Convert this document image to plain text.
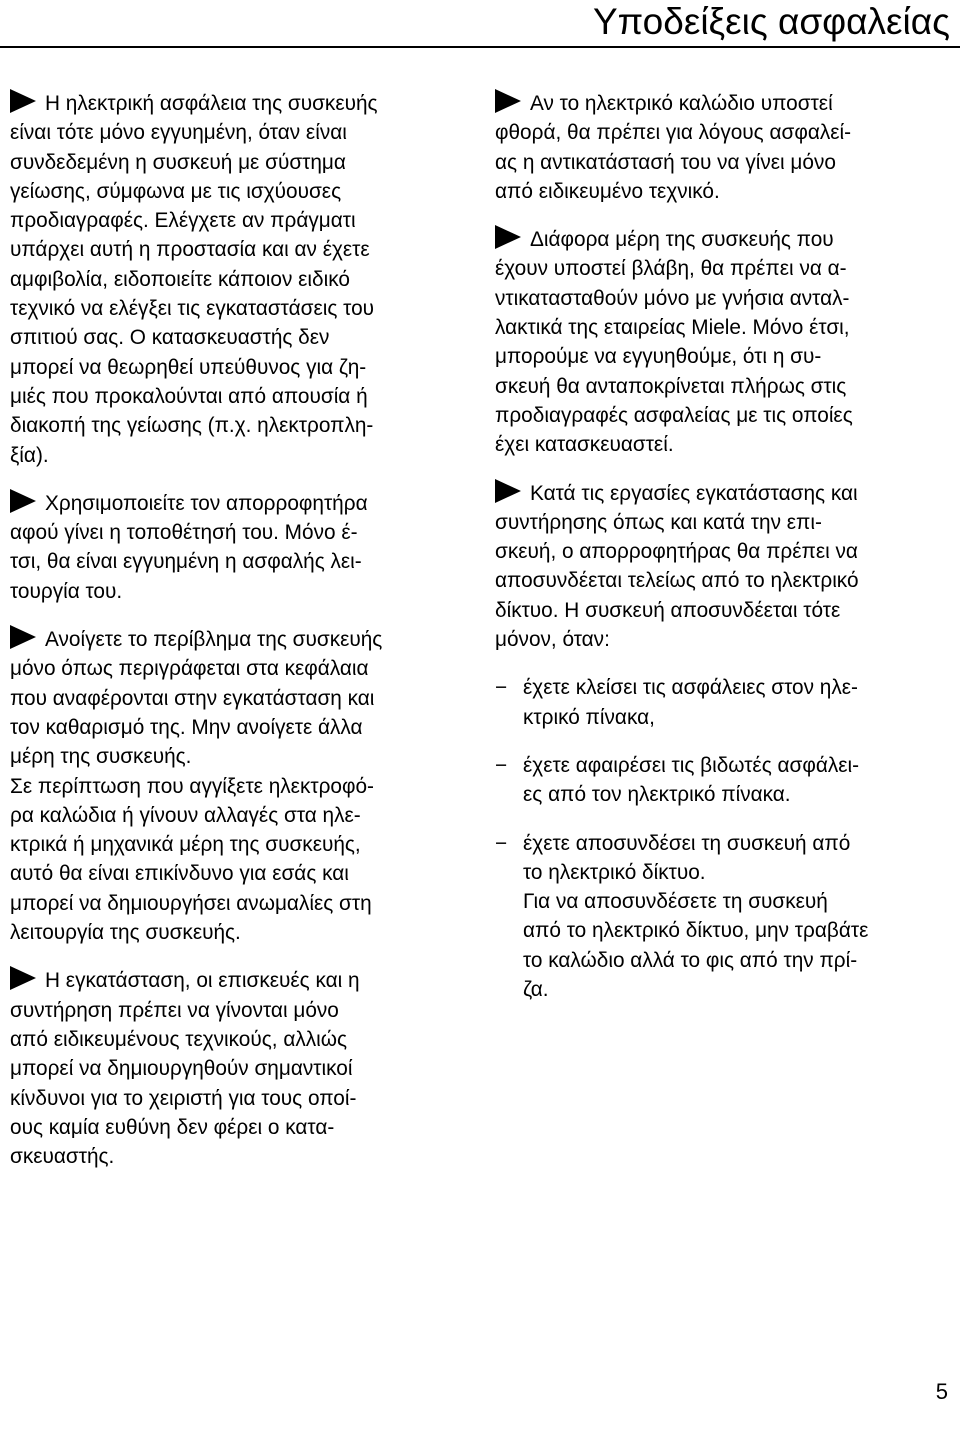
Υποδείξεις ασφαλείας

Η ηλεκτρική ασφάλεια της συσκευής
είναι τότε μόνο εγγυημένη, όταν είναι
συνδεδεμένη η συσκευή με σύστημα
γείωσης, σύμφωνα με τις ισχύουσες
προδιαγραφές. Ελέγχετε αν πράγματι
υπάρχει αυτή η προστασία και αν έχετε
αμφιβολία, ειδοποιείτε κάποιον ειδικό
τεχνικό να ελέγξει τις εγκαταστάσεις του
σπιτιού σας. Ο κατασκευαστής δεν
μπορεί να θεωρηθεί υπεύθυνος για ζη-
μιές που προκαλούνται από απουσία ή
διακοπή της γείωσης (π.χ. ηλεκτροπλη-
ξία).

Χρησιμοποιείτε τον απορροφητήρα
αφού γίνει η τοποθέτησή του. Μόνο έ-
τσι, θα είναι εγγυημένη η ασφαλής λει-
τουργία του.

Ανοίγετε το περίβλημα της συσκευής
μόνο όπως περιγράφεται στα κεφάλαια
που αναφέρονται στην εγκατάσταση και
τον καθαρισμό της. Μην ανοίγετε άλλα
μέρη της συσκευής.

Σε περίπτωση που αγγίξετε ηλεκτροφό-
ρα καλώδια ή γίνουν αλλαγές στα ηλε-
κτρικά ή μηχανικά μέρη της συσκευής,
αυτό θα είναι επικίνδυνο για εσάς και
μπορεί να δημιουργήσει ανωμαλίες στη
λειτουργία της συσκευής.

Η εγκατάσταση, οι επισκευές και η
συντήρηση πρέπει να γίνονται μόνο
από ειδικευμένους τεχνικούς, αλλιώς
μπορεί να δημιουργηθούν σημαντικοί
κίνδυνοι για το χειριστή για τους οποί-
ους καμία ευθύνη δεν φέρει ο κατα-
σκευαστής.

Αν το ηλεκτρικό καλώδιο υποστεί
φθορά, θα πρέπει για λόγους ασφαλεί-
ας η αντικατάστασή του να γίνει μόνο
από ειδικευμένο τεχνικό.

Διάφορα μέρη της συσκευής που
έχουν υποστεί βλάβη, θα πρέπει να α-
ντικατασταθούν μόνο με γνήσια ανταλ-
λακτικά της εταιρείας Miele. Μόνο έτσι,
μπορούμε να εγγυηθούμε, ότι η συ-
σκευή θα ανταποκρίνεται πλήρως στις
προδιαγραφές ασφαλείας με τις οποίες
έχει κατασκευαστεί.

Κατά τις εργασίες εγκατάστασης και
συντήρησης όπως και κατά την επι-
σκευή, ο απορροφητήρας θα πρέπει να
αποσυνδέεται τελείως από το ηλεκτρικό
δίκτυο. Η συσκευή αποσυνδέεται τότε
μόνον, όταν:

− έχετε κλείσει τις ασφάλειες στον ηλε-
κτρικό πίνακα,
− έχετε αφαιρέσει τις βιδωτές ασφάλει-
ες από τον ηλεκτρικό πίνακα.
− έχετε αποσυνδέσει τη συσκευή από
το ηλεκτρικό δίκτυο.
Για να αποσυνδέσετε τη συσκευή
από το ηλεκτρικό δίκτυο, μην τραβάτε
το καλώδιο αλλά το φις από την πρί-
ζα.
5
